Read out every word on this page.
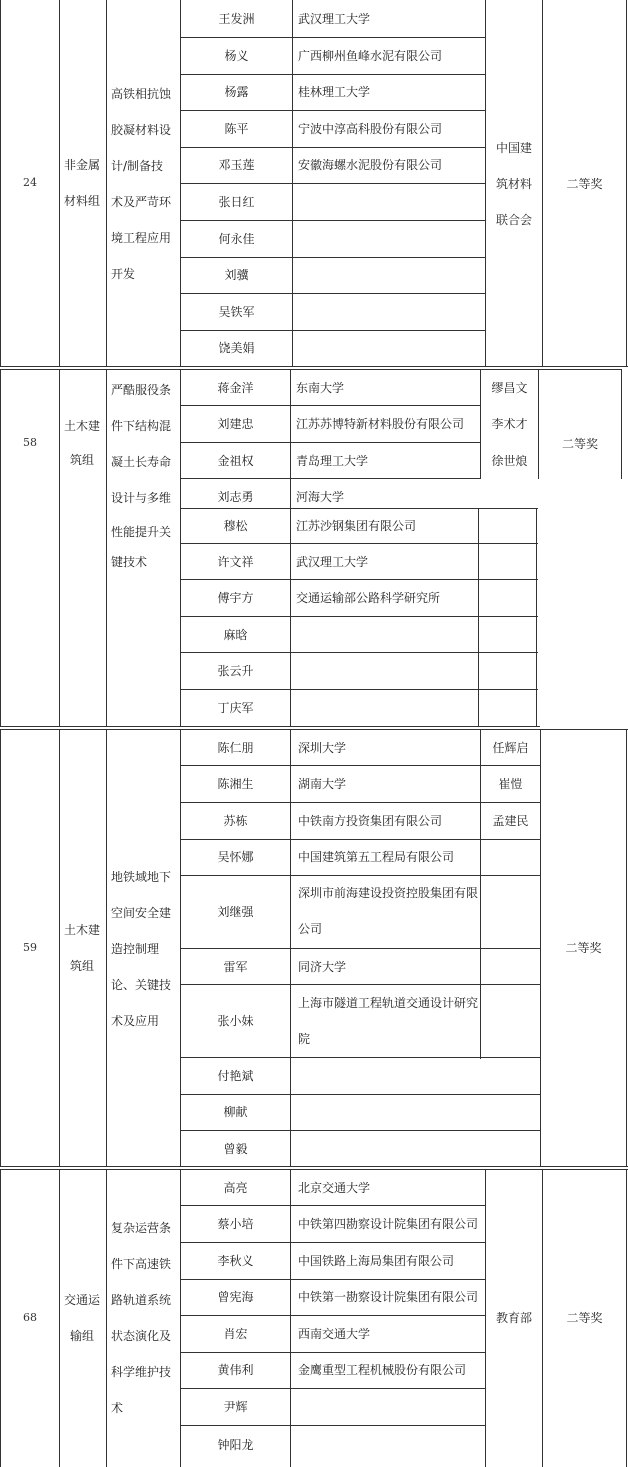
24
非金属
材料组
高铁相抗蚀
胶凝材料设
计/制备技
术及严苛环
境工程应用
开发
王发洲
杨义
杨露
陈平
邓玉莲
张日红
何永佳
刘骥
吴铁军
饶美娟
武汉理工大学
广西柳州鱼峰水泥有限公司
桂林理工大学
宁波中淳高科股份有限公司
安徽海螺水泥股份有限公司
中国建
筑材料
联合会
二等奖
58
土木建
筑组
严酷服役条
件下结构混
凝土长寿命
设计与多维
性能提升关
键技术
蒋金洋
刘建忠
金祖权
刘志勇
穆松
许文祥
傅宇方
麻晗
张云升
丁庆军
东南大学
江苏苏博特新材料股份有限公司
青岛理工大学
河海大学
江苏沙钢集团有限公司
武汉理工大学
交通运输部公路科学研究所
缪昌文
李术才
徐世烺
二等奖
59
土木建
筑组
地铁域地下
空间安全建
造控制理
论、关键技
术及应用
陈仁朋
陈湘生
苏栋
吴怀娜
刘继强
雷军
张小妹
付艳斌
柳献
曾毅
深圳大学
湖南大学
中铁南方投资集团有限公司
中国建筑第五工程局有限公司
深圳市前海建设投资控股集团有限公司
同济大学
上海市隧道工程轨道交通设计研究院
任辉启
崔愷
孟建民
二等奖
68
交通运
输组
复杂运营条
件下高速铁
路轨道系统
状态演化及
科学维护技
术
高亮
蔡小培
李秋义
曾宪海
肖宏
黄伟利
尹辉
钟阳龙
北京交通大学
中铁第四勘察设计院集团有限公司
中国铁路上海局集团有限公司
中铁第一勘察设计院集团有限公司
西南交通大学
金鹰重型工程机械股份有限公司
教育部	二等奖
